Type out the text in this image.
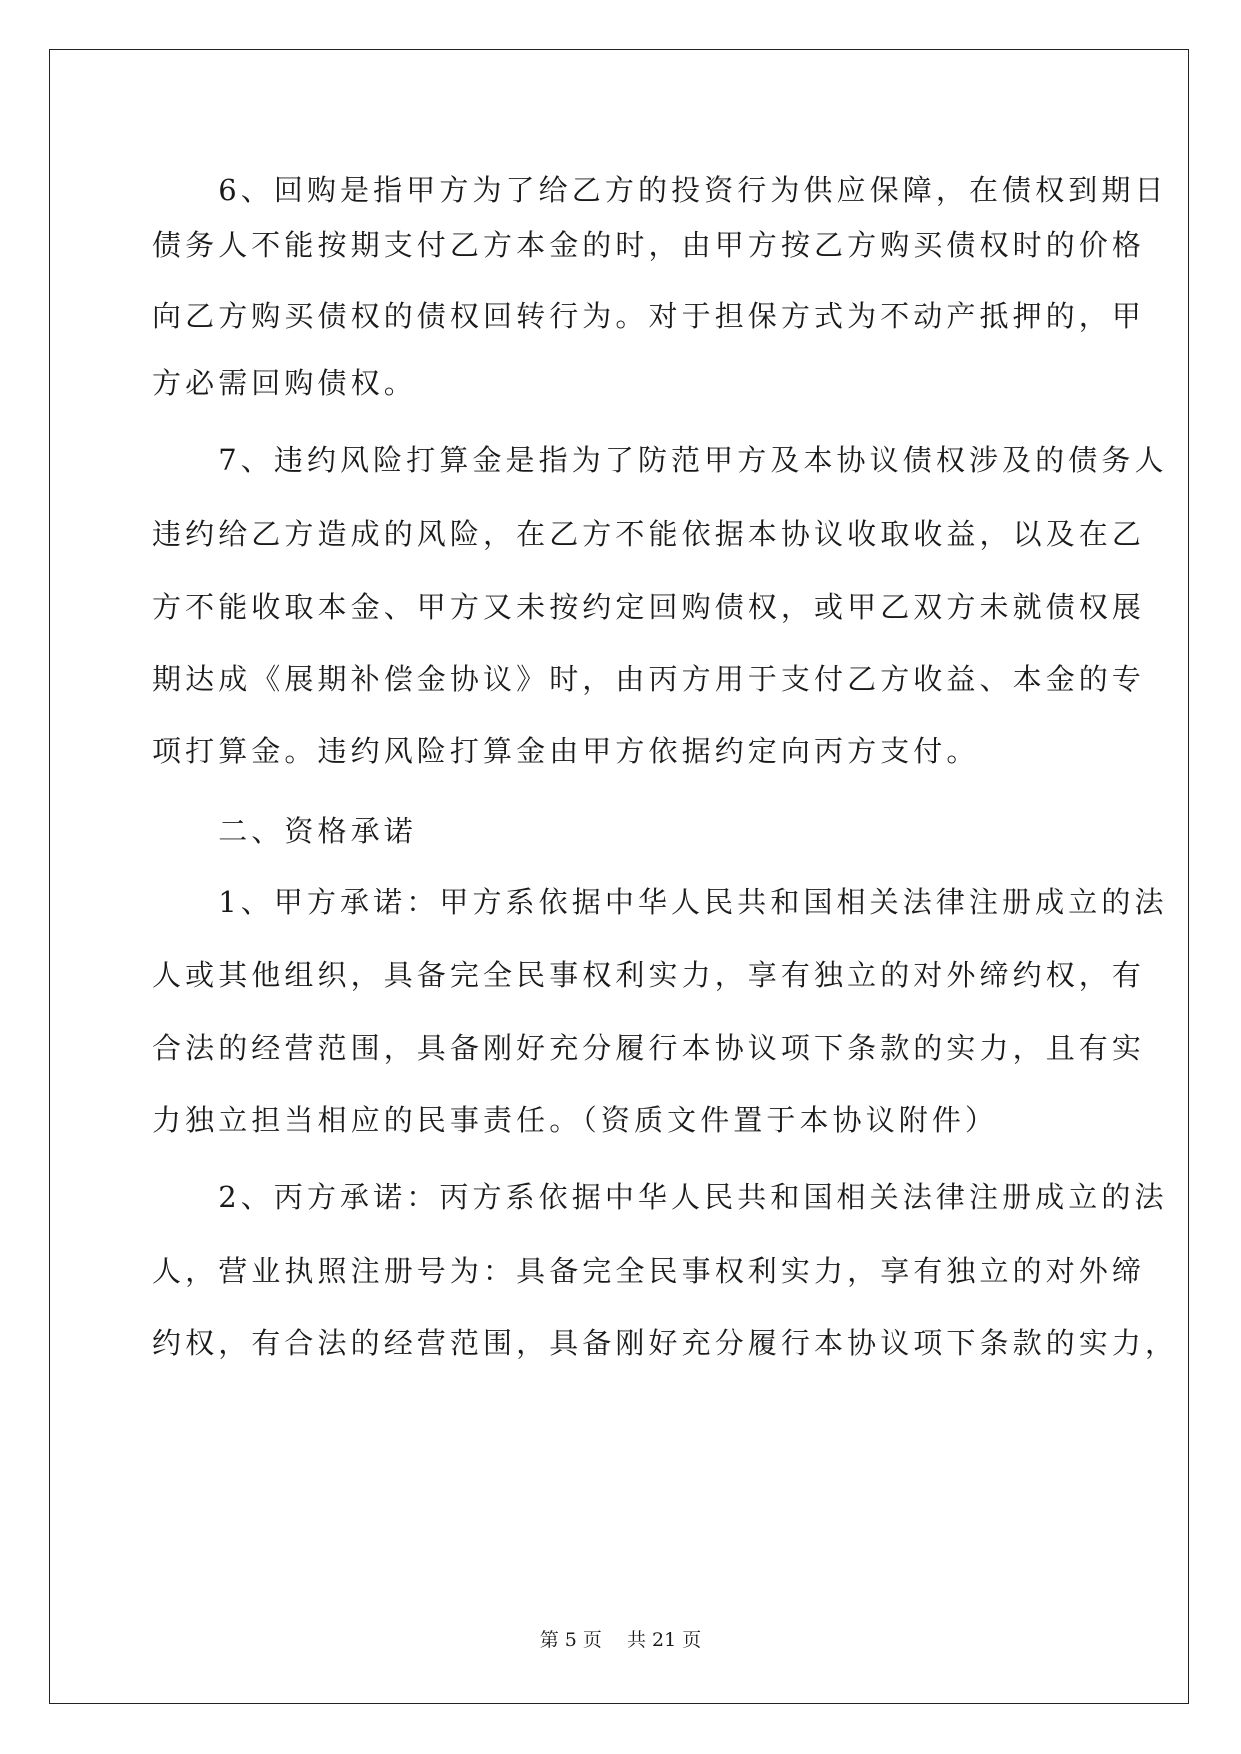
　　6、回购是指甲方为了给乙方的投资行为供应保障，在债权到期日
债务人不能按期支付乙方本金的时，由甲方按乙方购买债权时的价格
向乙方购买债权的债权回转行为。对于担保方式为不动产抵押的，甲
方必需回购债权。
　　7、违约风险打算金是指为了防范甲方及本协议债权涉及的债务人
违约给乙方造成的风险，在乙方不能依据本协议收取收益，以及在乙
方不能收取本金、甲方又未按约定回购债权，或甲乙双方未就债权展
期达成《展期补偿金协议》时，由丙方用于支付乙方收益、本金的专
项打算金。违约风险打算金由甲方依据约定向丙方支付。
　　二、资格承诺
　　1、甲方承诺：甲方系依据中华人民共和国相关法律注册成立的法
人或其他组织，具备完全民事权利实力，享有独立的对外缔约权，有
合法的经营范围，具备刚好充分履行本协议项下条款的实力，且有实
力独立担当相应的民事责任。（资质文件置于本协议附件）
　　2、丙方承诺：丙方系依据中华人民共和国相关法律注册成立的法
人，营业执照注册号为：具备完全民事权利实力，享有独立的对外缔
约权，有合法的经营范围，具备刚好充分履行本协议项下条款的实力，
第 5 页　 共 21 页
